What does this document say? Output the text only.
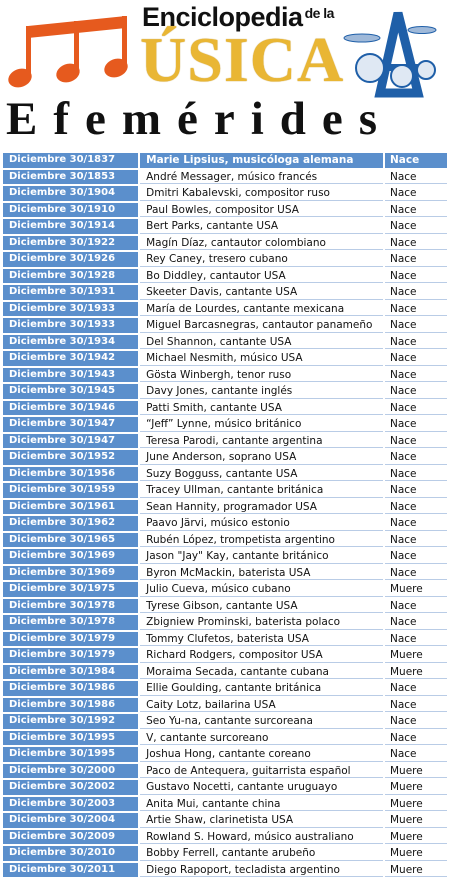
Enciclopedia $^{de la}$
ÚSICA
Efemérides
Diciembre 30/1837	Marie Lipsius, musicóloga alemana	Nace
Diciembre 30/1853	André Messager, músico francés	Nace
Diciembre 30/1904	Dmitri Kabalevski, compositor ruso	Nace
Diciembre 30/1910	Paul Bowles, compositor USA	Nace
Diciembre 30/1914	Bert Parks, cantante USA	Nace
Diciembre 30/1922	Magín Díaz, cantautor colombiano	Nace
Diciembre 30/1926	Rey Caney, tresero cubano	Nace
Diciembre 30/1928	Bo Diddley, cantautor USA	Nace
Diciembre 30/1931	Skeeter Davis, cantante USA	Nace
Diciembre 30/1933	María de Lourdes, cantante mexicana	Nace
Diciembre 30/1933	Miguel Barcasnegras, cantautor panameño	Nace
Diciembre 30/1934	Del Shannon, cantante USA	Nace
Diciembre 30/1942	Michael Nesmith, músico USA	Nace
Diciembre 30/1943	Gösta Winbergh, tenor ruso	Nace
Diciembre 30/1945	Davy Jones, cantante inglés	Nace
Diciembre 30/1946	Patti Smith, cantante USA	Nace
Diciembre 30/1947	“Jeff” Lynne, músico británico	Nace
Diciembre 30/1947	Teresa Parodi, cantante argentina	Nace
Diciembre 30/1952	June Anderson, soprano USA	Nace
Diciembre 30/1956	Suzy Bogguss, cantante USA	Nace
Diciembre 30/1959	Tracey Ullman, cantante británica	Nace
Diciembre 30/1961	Sean Hannity, programador USA	Nace
Diciembre 30/1962	Paavo Järvi, músico estonio	Nace
Diciembre 30/1965	Rubén López, trompetista argentino	Nace
Diciembre 30/1969	Jason "Jay" Kay, cantante británico	Nace
Diciembre 30/1969	Byron McMackin, baterista USA	Nace
Diciembre 30/1975	Julio Cueva, músico cubano	Muere
Diciembre 30/1978	Tyrese Gibson, cantante USA	Nace
Diciembre 30/1978	Zbigniew Prominski, baterista polaco	Nace
Diciembre 30/1979	Tommy Clufetos, baterista USA	Nace
Diciembre 30/1979	Richard Rodgers, compositor USA	Muere
Diciembre 30/1984	Moraima Secada, cantante cubana	Muere
Diciembre 30/1986	Ellie Goulding, cantante británica	Nace
Diciembre 30/1986	Caity Lotz, bailarina USA	Nace
Diciembre 30/1992	Seo Yu-na, cantante surcoreana	Nace
Diciembre 30/1995	V, cantante surcoreano	Nace
Diciembre 30/1995	Joshua Hong, cantante coreano	Nace
Diciembre 30/2000	Paco de Antequera, guitarrista español	Muere
Diciembre 30/2002	Gustavo Nocetti, cantante uruguayo	Muere
Diciembre 30/2003	Anita Mui, cantante china	Muere
Diciembre 30/2004	Artie Shaw, clarinetista USA	Muere
Diciembre 30/2009	Rowland S. Howard, músico australiano	Muere
Diciembre 30/2010	Bobby Ferrell, cantante arubeño	Muere
Diciembre 30/2011	Diego Rapoport, tecladista argentino	Muere
